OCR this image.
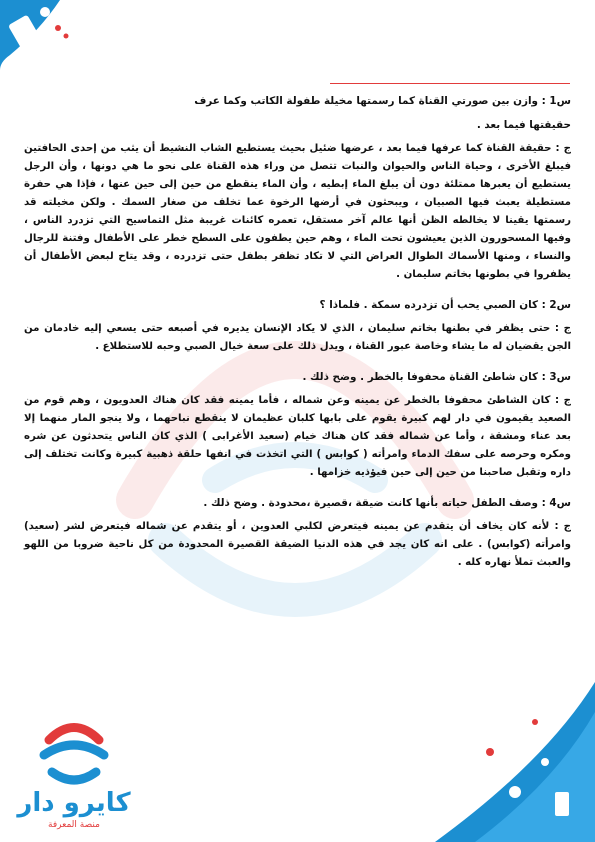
س1 : وازن بين صورتي القناة كما رسمتها مخيلة طفولة الكاتب وكما عرف

حقيقتها فيما بعد .

ج : حقيقة القناة كما عرفها فيما بعد ، عرضها ضئيل بحيث يستطيع الشاب النشيط أن يثب من إحدى الحافتين فيبلغ الأخرى ، وحياة الناس والحيوان والنبات تتصل من وراء هذه القناة على نحو ما هي دونها ، وأن الرجل يستطيع أن يعبرها ممتلئة دون أن يبلغ الماء إبطيه ، وأن الماء ينقطع من حين إلى حين عنها ، فإذا هي حفرة مستطيلة يعبث فيها الصبيان ، ويبحثون في أرضها الرخوة عما تخلف من صغار السمك . ولكن مخيلته قد رسمتها يقينا لا يخالطه الظن أنها عالم آخر مستقل، تعمره كائنات غريبة مثل التماسيح التي تزدرد الناس ، وفيها المسحورون الذين يعيشون تحت الماء ، وهم حين يطفون على السطح خطر على الأطفال وفتنة للرجال والنساء ، ومنها الأسماك الطوال العراض التي لا تكاد تظفر بطفل حتى تزدرده ، وقد يتاح لبعض الأطفال أن يظفروا في بطونها بخاتم سليمان .

س2 : كان الصبي يحب أن تزدرده سمكة . فلماذا ؟

ج : حتى يظفر في بطنها بخاتم سليمان ، الذي لا يكاد الإنسان يديره في أصبعه حتى يسعي إليه خادمان من الجن يقضيان له ما يشاء وخاصة عبور القناة ، ويدل ذلك على سعة خيال الصبي وحبه للاستطلاع .

س3 : كان شاطئ القناة محفوفا بالخطر . وضح ذلك .

ج : كان الشاطئ محفوفا بالخطر عن يمينه وعن شماله ، فأما يمينه فقد كان هناك العدويون ، وهم قوم من الصعيد يقيمون في دار لهم كبيرة يقوم على بابها كلبان عظيمان لا ينقطع نباحهما ، ولا ينجو المار منهما إلا بعد عناء ومشقة ، وأما عن شماله فقد كان هناك خيام (سعيد الأغرابى ) الذي كان الناس يتحدثون عن شره ومكره وحرصه على سفك الدماء وامرأته ( كوابس ) التي اتخذت في انفها حلقة ذهبية كبيرة وكانت تختلف إلى داره وتقبل صاحبنا من حين إلى حين فيؤذيه خزامها .

س4 : وصف الطفل حياته بأنها كانت ضيقة ،قصيرة ،محدودة . وضح ذلك .

ج : لأنه كان يخاف أن يتقدم عن يمينه فيتعرض لكلبي العدوين ، أو يتقدم عن شماله فيتعرض لشر (سعيد) وامرأته (كوابس) . على انه كان يجد في هذه الدنيا الضيقة القصيرة المحدودة من كل ناحية ضروبا من اللهو والعبث تملأ نهاره كله .

كايرو دار
منصة المعرفة
